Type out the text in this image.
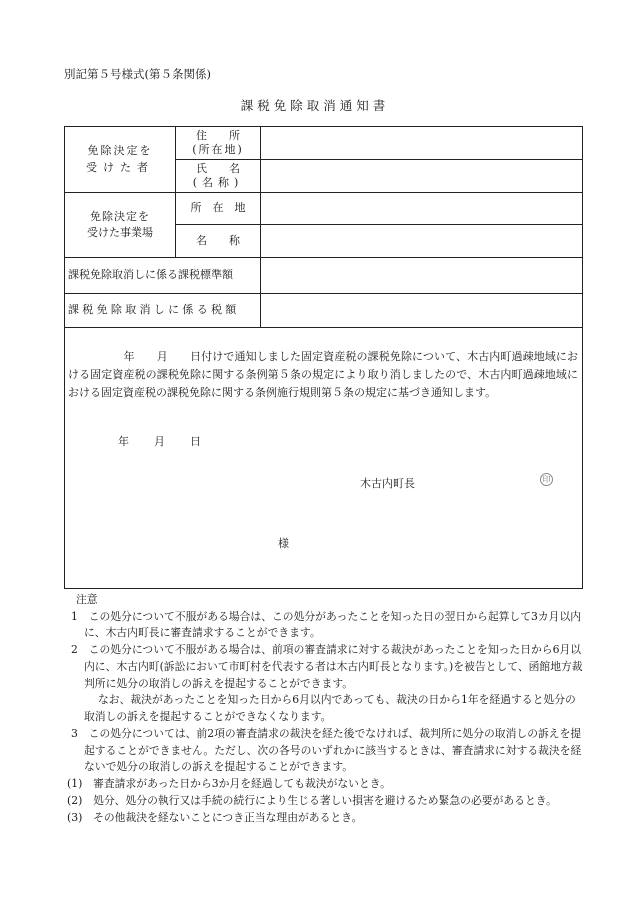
別記第５号様式(第５条関係)
課税免除取消通知書
免除決定を
受けた者
住　　所
(所在地)
氏　　名
(名称)
免除決定を
受けた事業場
所　在　地
名　　称
課税免除取消しに係る課税標準額
課税免除取消しに係る税額
　　　　　年　　月　　日付けで通知しました固定資産税の課税免除について、木古内町過疎地域における固定資産税の課税免除に関する条例第５条の規定により取り消しましたので、木古内町過疎地域における固定資産税の課税免除に関する条例施行規則第５条の規定に基づき通知します。
年　　月　　日
木古内町長	印
様

注意

1　この処分について不服がある場合は、この処分があったことを知った日の翌日から起算して3カ月以内に、木古内町長に審査請求することができます。

2　この処分について不服がある場合は、前項の審査請求に対する裁決があったことを知った日から6月以内に、木古内町(訴訟において市町村を代表する者は木古内町長となります。)を被告として、函館地方裁判所に処分の取消しの訴えを提起することができます。

なお、裁決があったことを知った日から6月以内であっても、裁決の日から1年を経過すると処分の取消しの訴えを提起することができなくなります。

3　この処分については、前2項の審査請求の裁決を経た後でなければ、裁判所に処分の取消しの訴えを提起することができません。ただし、次の各号のいずれかに該当するときは、審査請求に対する裁決を経ないで処分の取消しの訴えを提起することができます。

(1)　審査請求があった日から3か月を経過しても裁決がないとき。

(2)　処分、処分の執行又は手続の続行により生じる著しい損害を避けるため緊急の必要があるとき。

(3)　その他裁決を経ないことにつき正当な理由があるとき。
